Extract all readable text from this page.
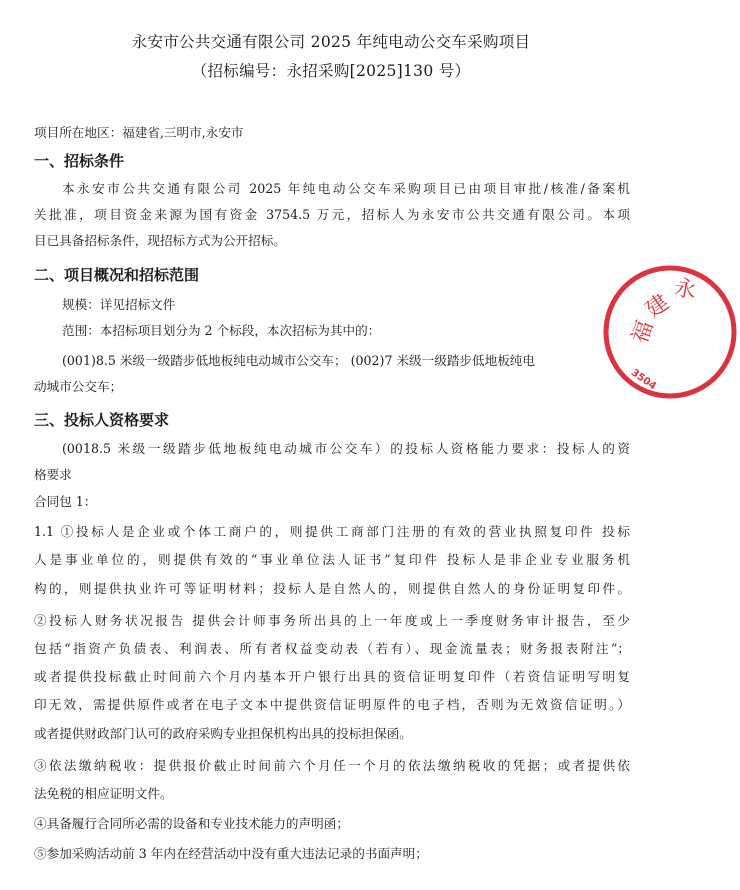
永安市公共交通有限公司 2025 年纯电动公交车采购项目
（招标编号：永招采购[2025]130 号）
项目所在地区：福建省,三明市,永安市
一、招标条件
本永安市公共交通有限公司 2025 年纯电动公交车采购项目已由项目审批/核准/备案机
关批准，项目资金来源为国有资金 3754.5 万元，招标人为永安市公共交通有限公司。本项
目已具备招标条件，现招标方式为公开招标。
二、项目概况和招标范围
规模：详见招标文件
范围：本招标项目划分为 2 个标段，本次招标为其中的：
(001)8.5 米级一级踏步低地板纯电动城市公交车； (002)7 米级一级踏步低地板纯电
动城市公交车；
三、投标人资格要求
(0018.5 米级一级踏步低地板纯电动城市公交车）的投标人资格能力要求：投标人的资
格要求
合同包 1：
1.1 ①投标人是企业或个体工商户的，则提供工商部门注册的有效的营业执照复印件 投标
人是事业单位的，则提供有效的“事业单位法人证书”复印件 投标人是非企业专业服务机
构的，则提供执业许可等证明材料；投标人是自然人的，则提供自然人的身份证明复印件。
②投标人财务状况报告 提供会计师事务所出具的上一年度或上一季度财务审计报告，至少
包括“指资产负债表、利润表、所有者权益变动表（若有）、现金流量表；财务报表附注”；
或者提供投标截止时间前六个月内基本开户银行出具的资信证明复印件（若资信证明写明复
印无效，需提供原件或者在电子文本中提供资信证明原件的电子档，否则为无效资信证明。）
或者提供财政部门认可的政府采购专业担保机构出具的投标担保函。
③依法缴纳税收：提供报价截止时间前六个月任一个月的依法缴纳税收的凭据；或者提供依
法免税的相应证明文件。
④具备履行合同所必需的设备和专业技术能力的声明函；
⑤参加采购活动前 3 年内在经营活动中没有重大违法记录的书面声明；
福
建
永
3504
